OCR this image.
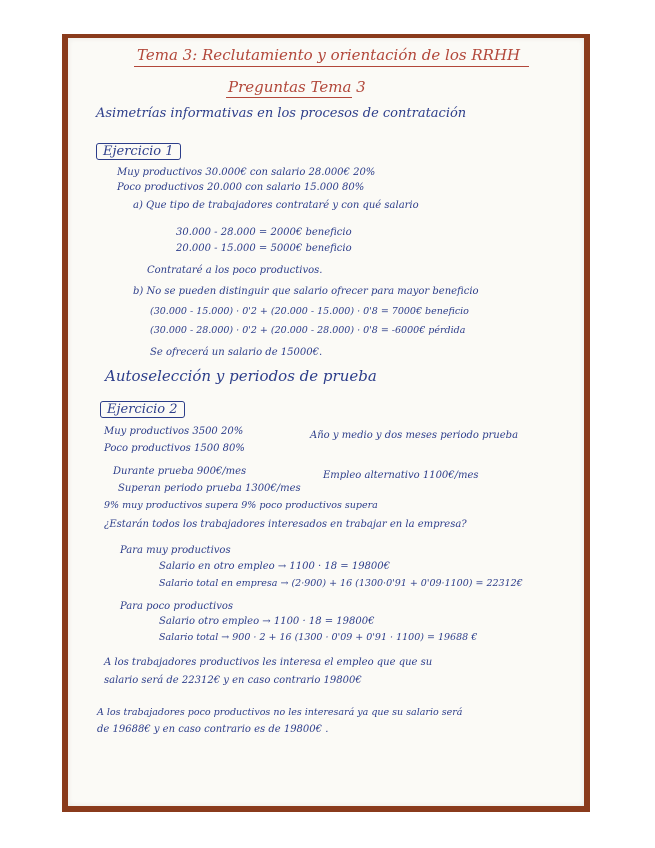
Tema 3: Reclutamiento y orientación de los RRHH
Preguntas Tema 3
Asimetrías informativas en los procesos de contratación
Ejercicio 1
Muy productivos 30.000€ con salario 28.000€ 20%
Poco productivos 20.000 con salario 15.000 80%
a) Que tipo de trabajadores contrataré y con qué salario
30.000 - 28.000 = 2000€ beneficio
20.000 - 15.000 = 5000€ beneficio
Contrataré a los poco productivos.
b) No se pueden distinguir que salario ofrecer para mayor beneficio
(30.000 - 15.000) · 0'2 + (20.000 - 15.000) · 0'8 = 7000€ beneficio
(30.000 - 28.000) · 0'2 + (20.000 - 28.000) · 0'8 = -6000€ pérdida
Se ofrecerá un salario de 15000€.
Autoselección y periodos de prueba
Ejercicio 2
Muy productivos 3500 20%	Año y medio y dos meses periodo prueba
Poco productivos 1500 80%
Durante prueba 900€/mes	Empleo alternativo 1100€/mes
Superan periodo prueba 1300€/mes
9% muy productivos supera 9% poco productivos supera
¿Estarán todos los trabajadores interesados en trabajar en la empresa?
Para muy productivos
Salario en otro empleo → 1100 · 18 = 19800€
Salario total en empresa → (2·900) + 16 (1300·0'91 + 0'09·1100) = 22312€
Para poco productivos
Salario otro empleo → 1100 · 18 = 19800€
Salario total → 900 · 2 + 16 (1300 · 0'09 + 0'91 · 1100) = 19688 €
A los trabajadores productivos les interesa el empleo que que su
salario será de 22312€ y en caso contrario 19800€
A los trabajadores poco productivos no les interesará ya que su salario será
de 19688€ y en caso contrario es de 19800€ .
